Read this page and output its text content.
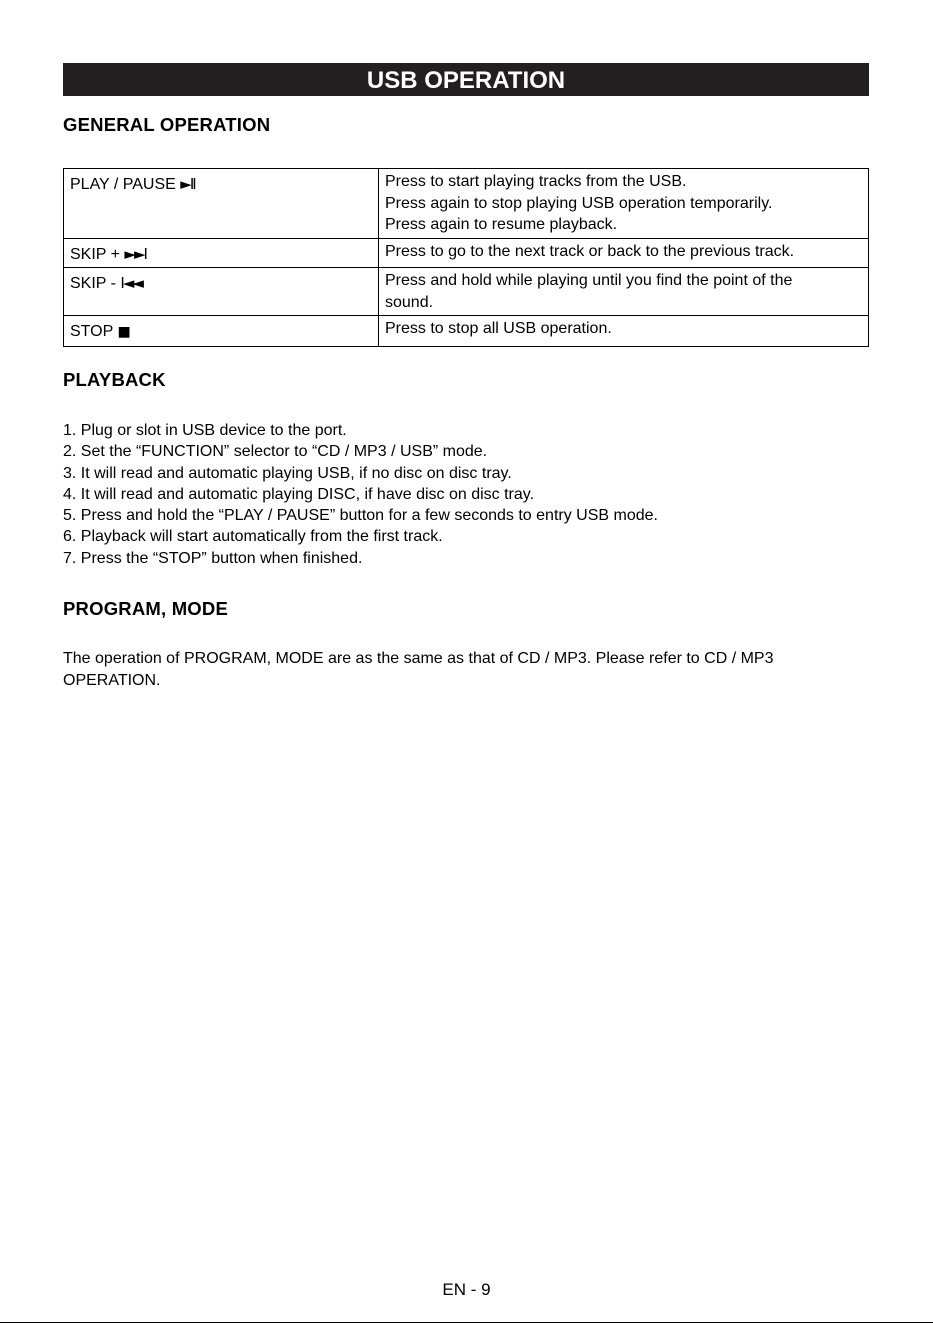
USB OPERATION
GENERAL OPERATION
PLAY / PAUSE ►II	Press to start playing tracks from the USB.
Press again to stop playing USB operation temporarily.
Press again to resume playback.

SKIP + ►►I	Press to go to the next track or back to the previous track.

SKIP - I◄◄	Press and hold while playing until you find the point of the
sound.

STOP ■	Press to stop all USB operation.
PLAYBACK
1. Plug or slot in USB device to the port.
2. Set the “FUNCTION” selector to “CD / MP3 / USB” mode.
3. It will read and automatic playing USB, if no disc on disc tray.
4. It will read and automatic playing DISC, if have disc on disc tray.
5. Press and hold the “PLAY / PAUSE” button for a few seconds to entry USB mode.
6. Playback will start automatically from the first track.
7. Press the “STOP” button when finished.
PROGRAM, MODE
The operation of PROGRAM, MODE are as the same as that of CD / MP3. Please refer to CD / MP3 OPERATION.
EN - 9
